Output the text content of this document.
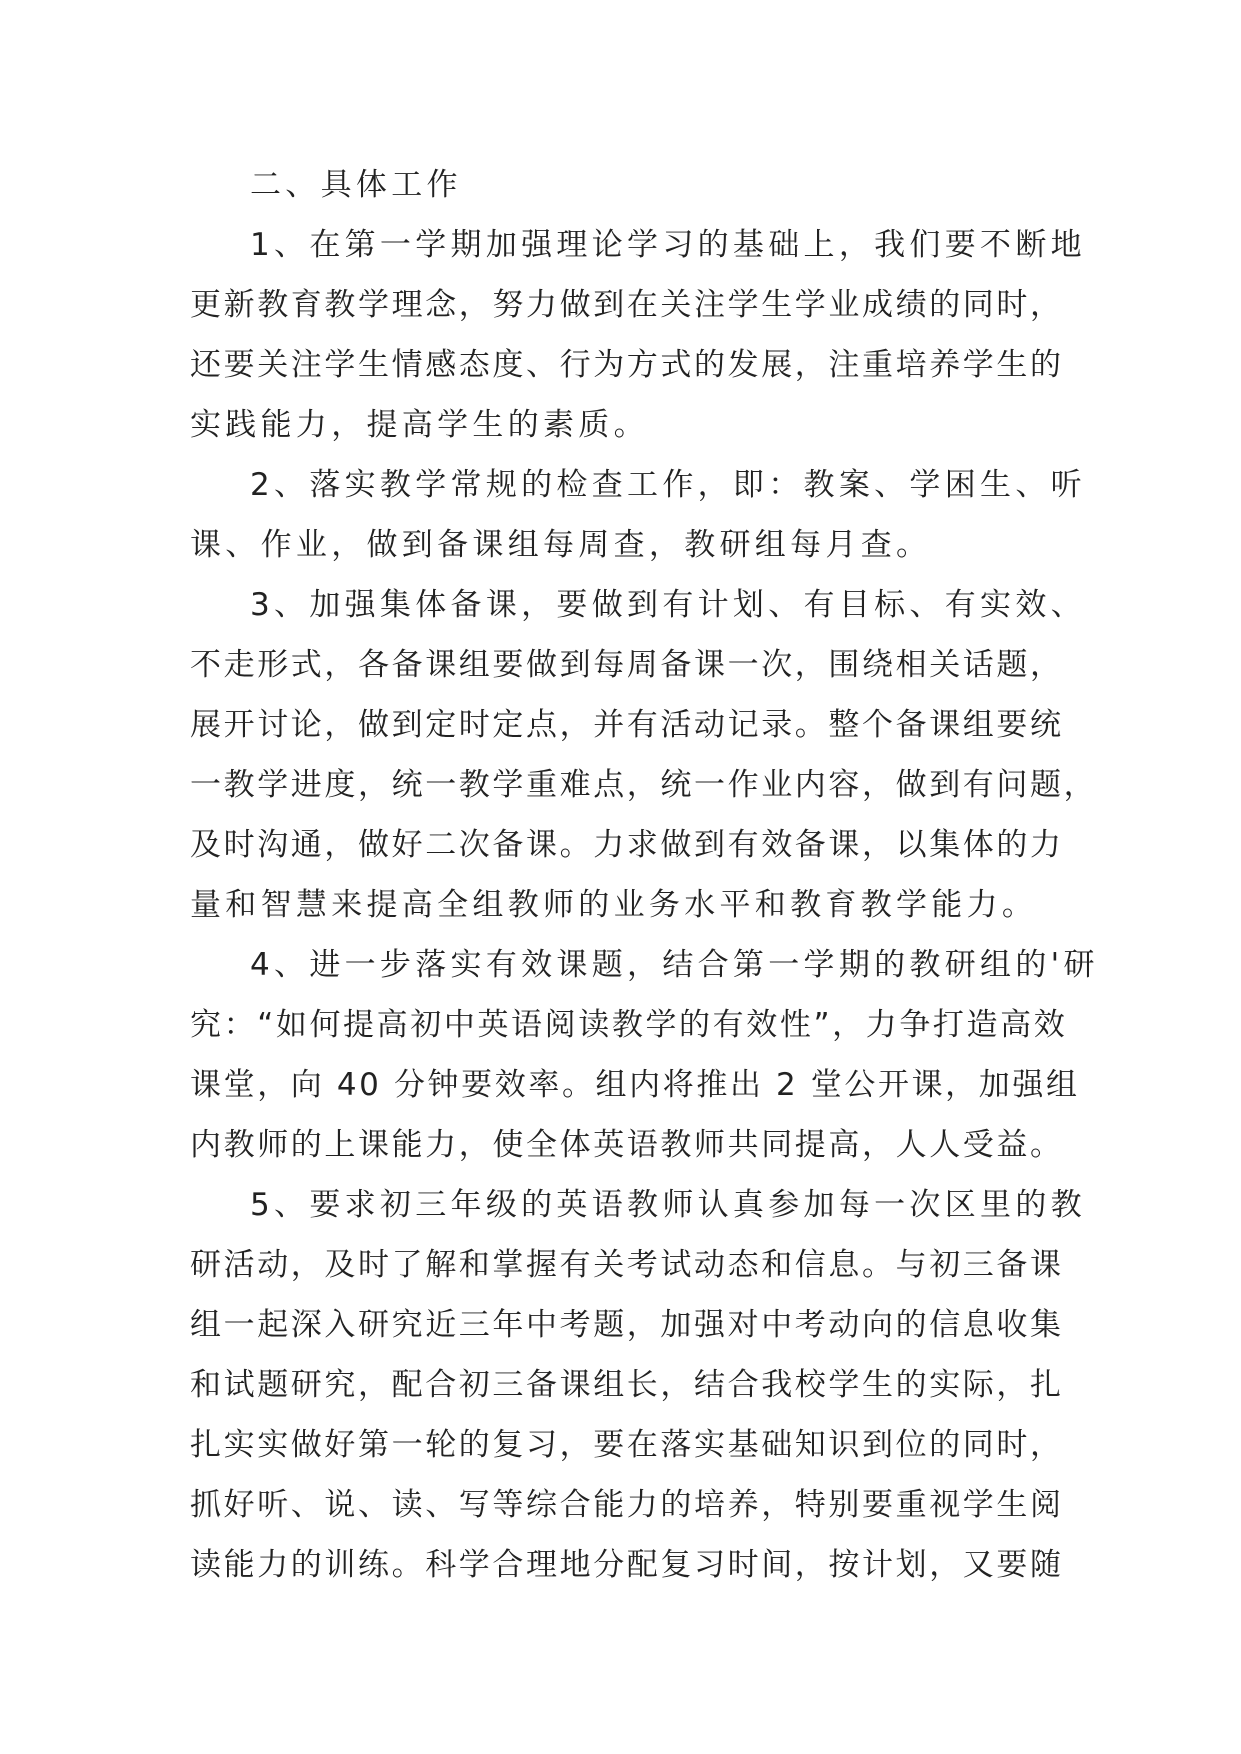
二、具体工作
1、在第一学期加强理论学习的基础上，我们要不断地
更新教育教学理念，努力做到在关注学生学业成绩的同时，
还要关注学生情感态度、行为方式的发展，注重培养学生的
实践能力，提高学生的素质。
2、落实教学常规的检查工作，即：教案、学困生、听
课、作业，做到备课组每周查，教研组每月查。
3、加强集体备课，要做到有计划、有目标、有实效、
不走形式，各备课组要做到每周备课一次，围绕相关话题，
展开讨论，做到定时定点，并有活动记录。整个备课组要统
一教学进度，统一教学重难点，统一作业内容，做到有问题，
及时沟通，做好二次备课。力求做到有效备课，以集体的力
量和智慧来提高全组教师的业务水平和教育教学能力。
4、进一步落实有效课题，结合第一学期的教研组的'研
究：“如何提高初中英语阅读教学的有效性”，力争打造高效
课堂，向 40 分钟要效率。组内将推出 2 堂公开课，加强组
内教师的上课能力，使全体英语教师共同提高，人人受益。
5、要求初三年级的英语教师认真参加每一次区里的教
研活动，及时了解和掌握有关考试动态和信息。与初三备课
组一起深入研究近三年中考题，加强对中考动向的信息收集
和试题研究，配合初三备课组长，结合我校学生的实际，扎
扎实实做好第一轮的复习，要在落实基础知识到位的同时，
抓好听、说、读、写等综合能力的培养，特别要重视学生阅
读能力的训练。科学合理地分配复习时间，按计划，又要随
